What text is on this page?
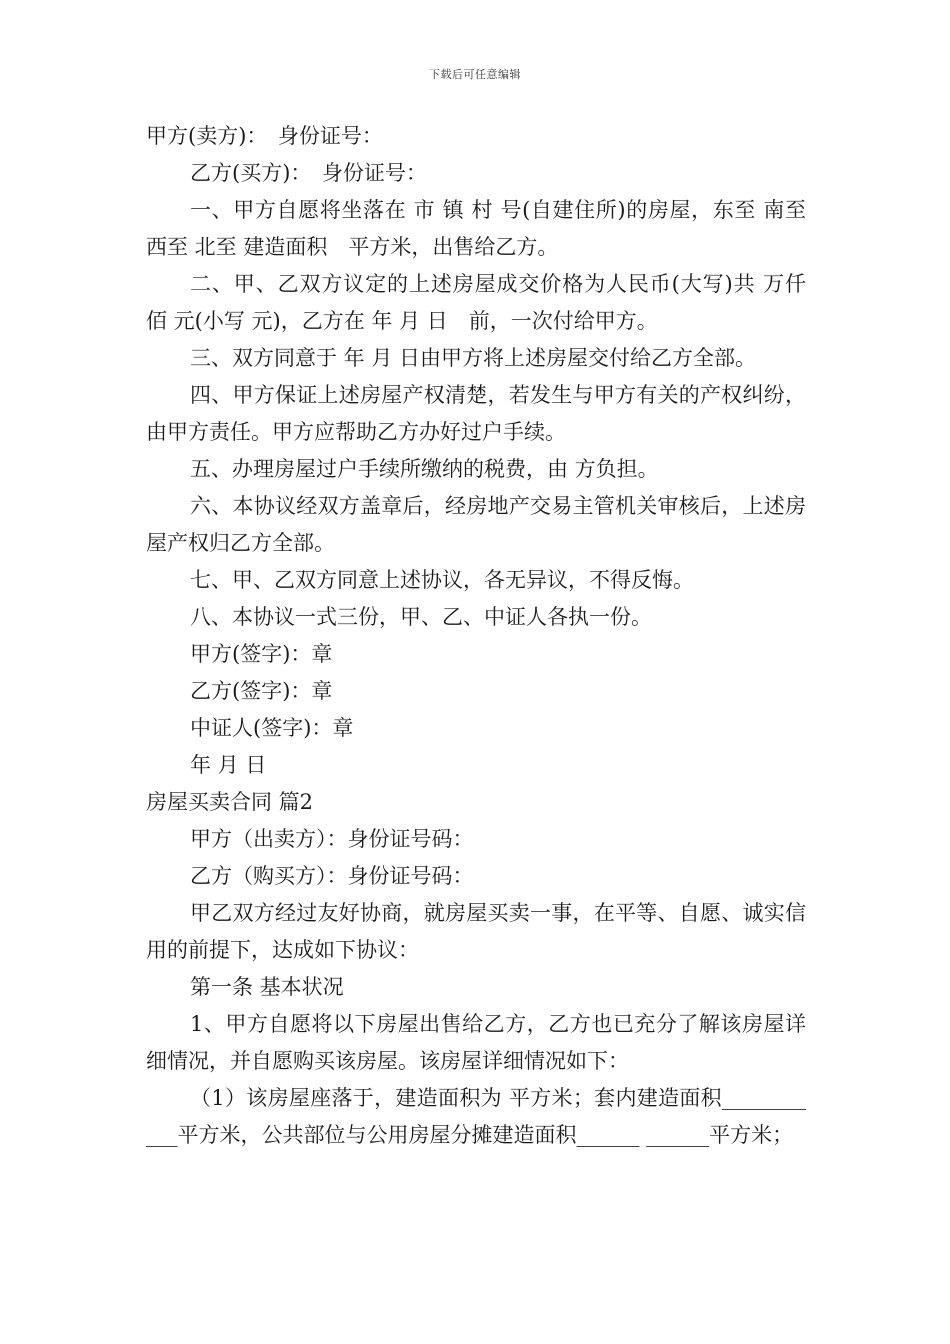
下载后可任意编辑
甲方(卖方)：　身份证号：
乙方(买方)：　身份证号：
一、甲方自愿将坐落在 市 镇 村 号(自建住所)的房屋，东至 南至 西至 北至 建造面积　平方米，出售给乙方。
二、甲、乙双方议定的上述房屋成交价格为人民币(大写)共 万仟 佰 元(小写 元)，乙方在 年 月 日　前，一次付给甲方。
三、双方同意于 年 月 日由甲方将上述房屋交付给乙方全部。
四、甲方保证上述房屋产权清楚，若发生与甲方有关的产权纠纷，由甲方责任。甲方应帮助乙方办好过户手续。
五、办理房屋过户手续所缴纳的税费，由 方负担。
六、本协议经双方盖章后，经房地产交易主管机关审核后，上述房屋产权归乙方全部。
七、甲、乙双方同意上述协议，各无异议，不得反悔。
八、本协议一式三份，甲、乙、中证人各执一份。
甲方(签字)：章
乙方(签字)：章
中证人(签字)：章
年 月 日
房屋买卖合同 篇2
甲方（出卖方）：身份证号码：
乙方（购买方）：身份证号码：
甲乙双方经过友好协商，就房屋买卖一事，在平等、自愿、诚实信用的前提下，达成如下协议：
第一条 基本状况
1、甲方自愿将以下房屋出售给乙方，乙方也已充分了解该房屋详细情况，并自愿购买该房屋。该房屋详细情况如下：
（1）该房屋座落于，建造面积为 平方米；套内建造面积________ ___平方米，公共部位与公用房屋分摊建造面积______ ______平方米；
